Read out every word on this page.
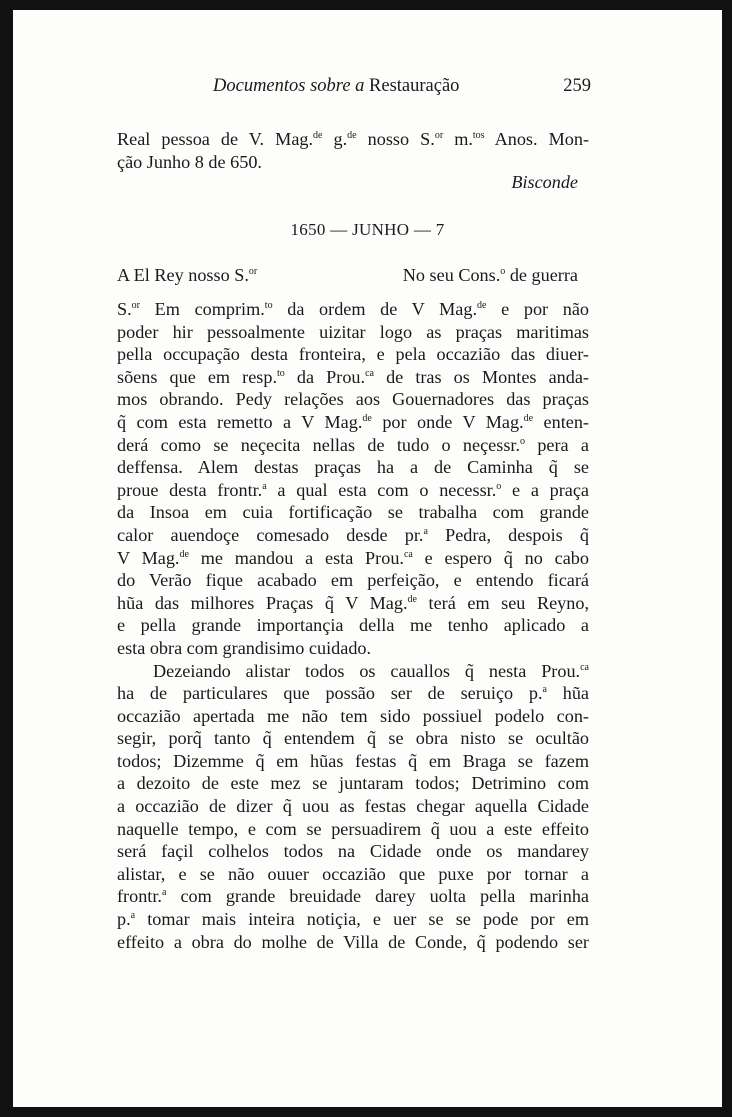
Documentos sobre a Restauração	259
Real pessoa de V. Mag.$^{de}$ g.$^{de}$ nosso S.$^{or}$ m.$^{tos}$ Anos. Mon-
ção Junho 8 de 650.
Bisconde
1650 — JUNHO — 7
A El Rey nosso S.$^{or}$	No seu Cons.$^o$ de guerra
S.$^{or}$ Em comprim.$^{to}$ da ordem de V Mag.$^{de}$ e por não
poder hir pessoalmente uizitar logo as praças maritimas
pella occupação desta fronteira, e pela occazião das diuer-
sõens que em resp.$^{to}$ da Prou.$^{ca}$ de tras os Montes anda-
mos obrando. Pedy relações aos Gouernadores das praças
q̃ com esta remetto a V Mag.$^{de}$ por onde V Mag.$^{de}$ enten-
derá como se neçecita nellas de tudo o neçessr.$^o$ pera a
deffensa. Alem destas praças ha a de Caminha q̃ se
proue desta frontr.$^a$ a qual esta com o necessr.$^o$ e a praça
da Insoa em cuia fortificação se trabalha com grande
calor auendoçe comesado desde pr.$^a$ Pedra, despois q̃
V Mag.$^{de}$ me mandou a esta Prou.$^{ca}$ e espero q̃ no cabo
do Verão fique acabado em perfeição, e entendo ficará
hũa das milhores Praças q̃ V Mag.$^{de}$ terá em seu Reyno,
e pella grande importançia della me tenho aplicado a
esta obra com grandisimo cuidado.
Dezeiando alistar todos os cauallos q̃ nesta Prou.$^{ca}$
ha de particulares que possão ser de seruiço p.$^a$ hũa
occazião apertada me não tem sido possiuel podelo con-
segir, porq̃ tanto q̃ entendem q̃ se obra nisto se ocultão
todos; Dizemme q̃ em hũas festas q̃ em Braga se fazem
a dezoito de este mez se juntaram todos; Detrimino com
a occazião de dizer q̃ uou as festas chegar aquella Cidade
naquelle tempo, e com se persuadirem q̃ uou a este effeito
será façil colhelos todos na Cidade onde os mandarey
alistar, e se não ouuer occazião que puxe por tornar a
frontr.$^a$ com grande breuidade darey uolta pella marinha
p.$^a$ tomar mais inteira notiçia, e uer se se pode por em
effeito a obra do molhe de Villa de Conde, q̃ podendo ser
